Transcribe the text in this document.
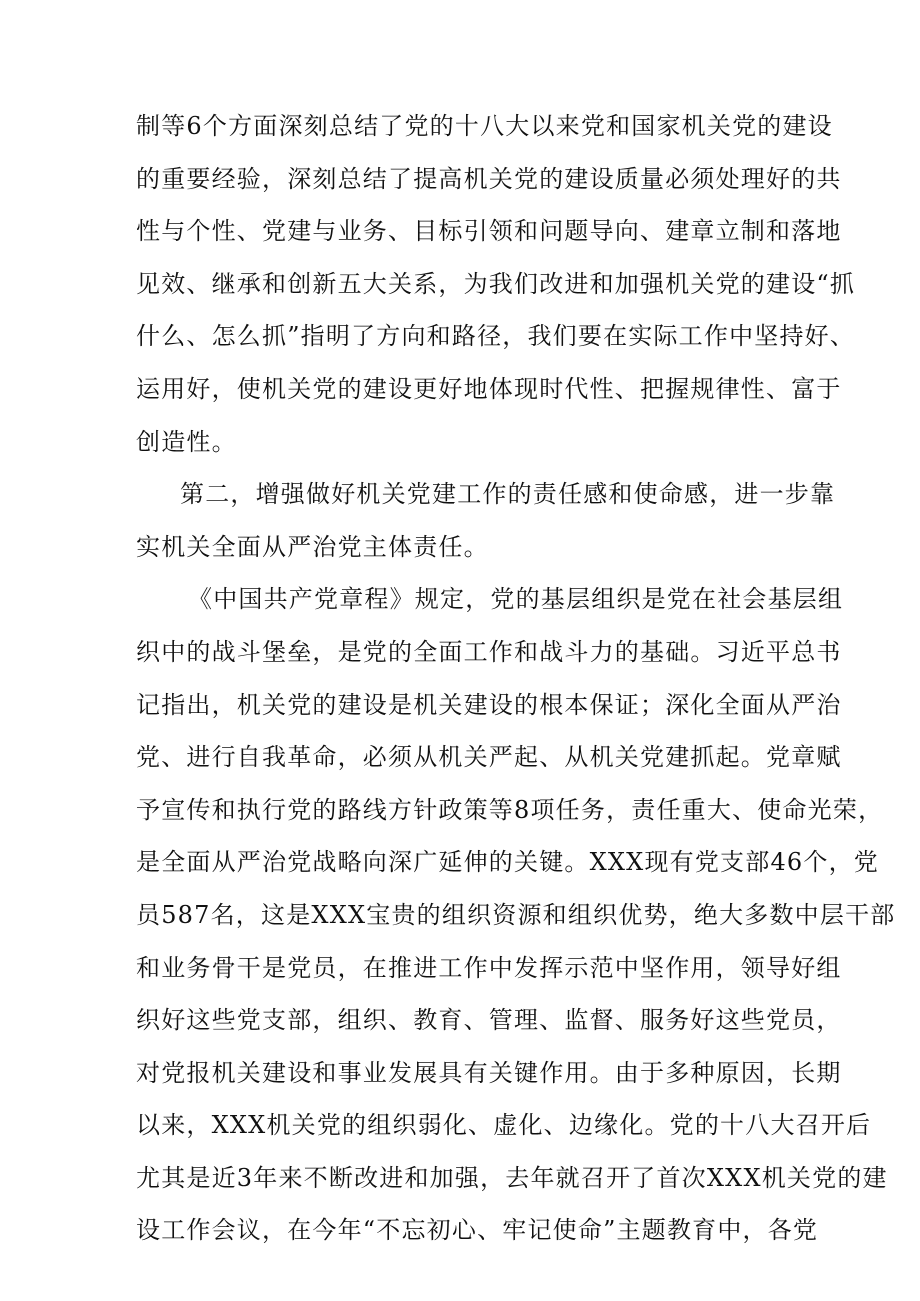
制等6个方面深刻总结了党的十八大以来党和国家机关党的建设
的重要经验，深刻总结了提高机关党的建设质量必须处理好的共
性与个性、党建与业务、目标引领和问题导向、建章立制和落地
见效、继承和创新五大关系，为我们改进和加强机关党的建设“抓
什么、怎么抓”指明了方向和路径，我们要在实际工作中坚持好、
运用好，使机关党的建设更好地体现时代性、把握规律性、富于
创造性。
第二，增强做好机关党建工作的责任感和使命感，进一步靠
实机关全面从严治党主体责任。
《中国共产党章程》规定，党的基层组织是党在社会基层组
织中的战斗堡垒，是党的全面工作和战斗力的基础。习近平总书
记指出，机关党的建设是机关建设的根本保证；深化全面从严治
党、进行自我革命，必须从机关严起、从机关党建抓起。党章赋
予宣传和执行党的路线方针政策等8项任务，责任重大、使命光荣，
是全面从严治党战略向深广延伸的关键。XXX现有党支部46个，党
员587名，这是XXX宝贵的组织资源和组织优势，绝大多数中层干部
和业务骨干是党员，在推进工作中发挥示范中坚作用，领导好组
织好这些党支部，组织、教育、管理、监督、服务好这些党员，
对党报机关建设和事业发展具有关键作用。由于多种原因，长期
以来，XXX机关党的组织弱化、虚化、边缘化。党的十八大召开后
尤其是近3年来不断改进和加强，去年就召开了首次XXX机关党的建
设工作会议，在今年“不忘初心、牢记使命”主题教育中，各党
